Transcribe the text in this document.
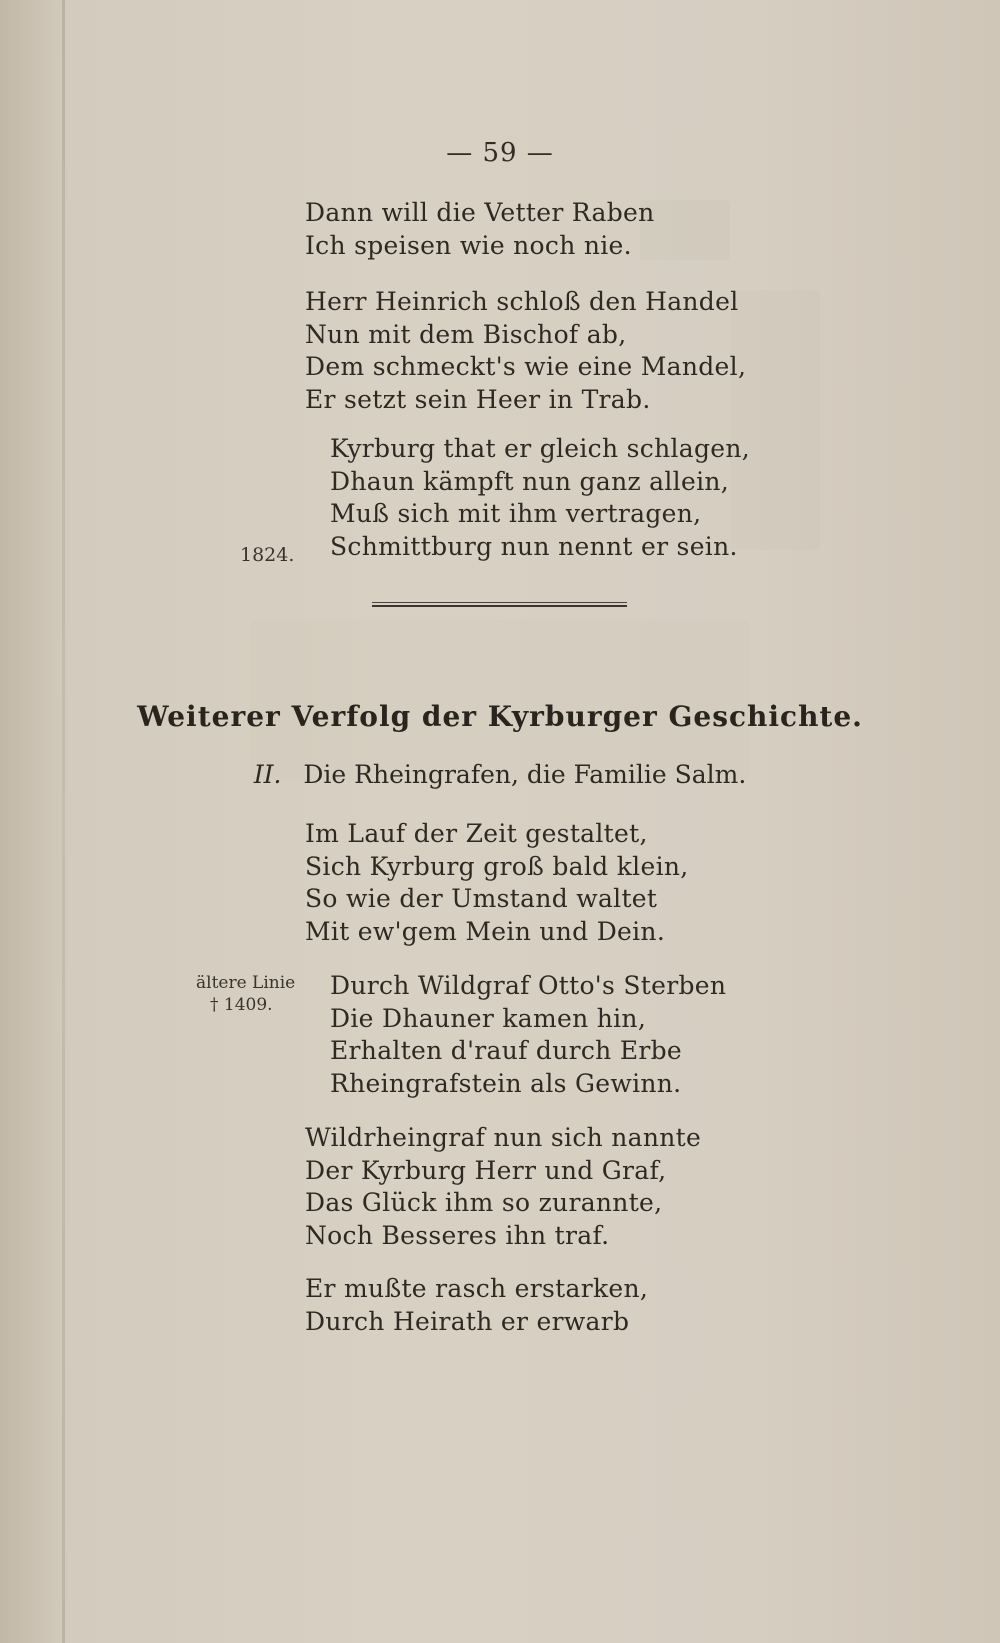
— 59 —
Dann will die Vetter Raben
Ich speisen wie noch nie.
Herr Heinrich schloß den Handel
Nun mit dem Bischof ab,
Dem schmeckt's wie eine Mandel,
Er setzt sein Heer in Trab.
Kyrburg that er gleich schlagen,
Dhaun kämpft nun ganz allein,
Muß sich mit ihm vertragen,
Schmittburg nun nennt er sein.
1824.
Weiterer Verfolg der Kyrburger Geschichte.
II. Die Rheingrafen, die Familie Salm.
Im Lauf der Zeit gestaltet,
Sich Kyrburg groß bald klein,
So wie der Umstand waltet
Mit ew'gem Mein und Dein.
ältere Linie
† 1409.
Durch Wildgraf Otto's Sterben
Die Dhauner kamen hin,
Erhalten d'rauf durch Erbe
Rheingrafstein als Gewinn.
Wildrheingraf nun sich nannte
Der Kyrburg Herr und Graf,
Das Glück ihm so zurannte,
Noch Besseres ihn traf.
Er mußte rasch erstarken,
Durch Heirath er erwarb
